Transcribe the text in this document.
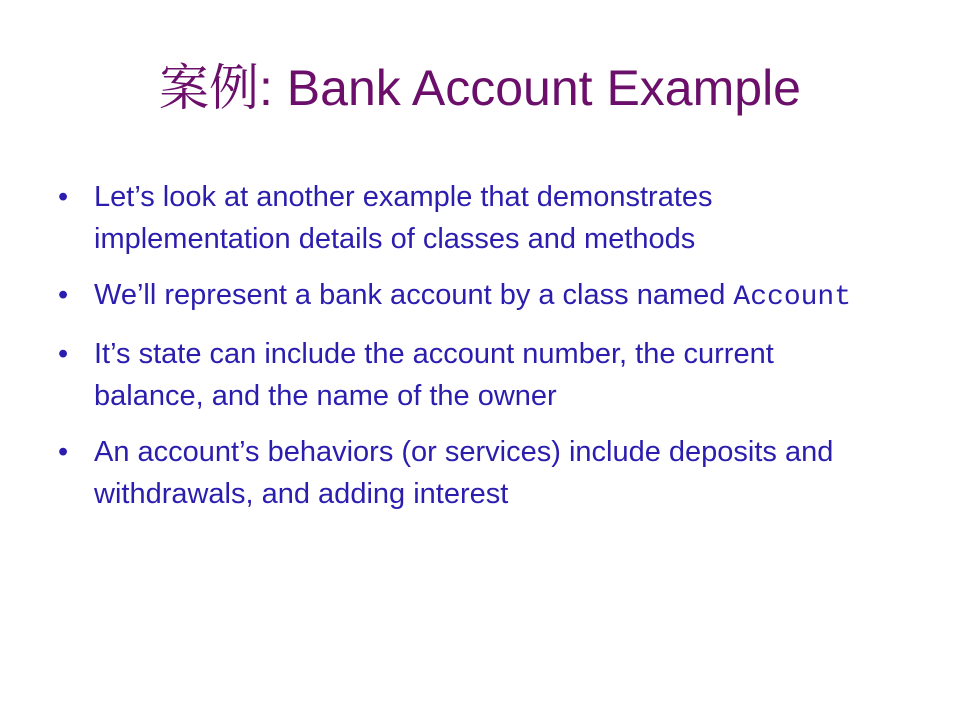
案例: Bank Account Example
• Let’s look at another example that demonstrates implementation details of classes and methods
• We’ll represent a bank account by a class named Account
• It’s state can include the account number, the current balance, and the name of the owner
• An account’s behaviors (or services) include deposits and withdrawals, and adding interest
